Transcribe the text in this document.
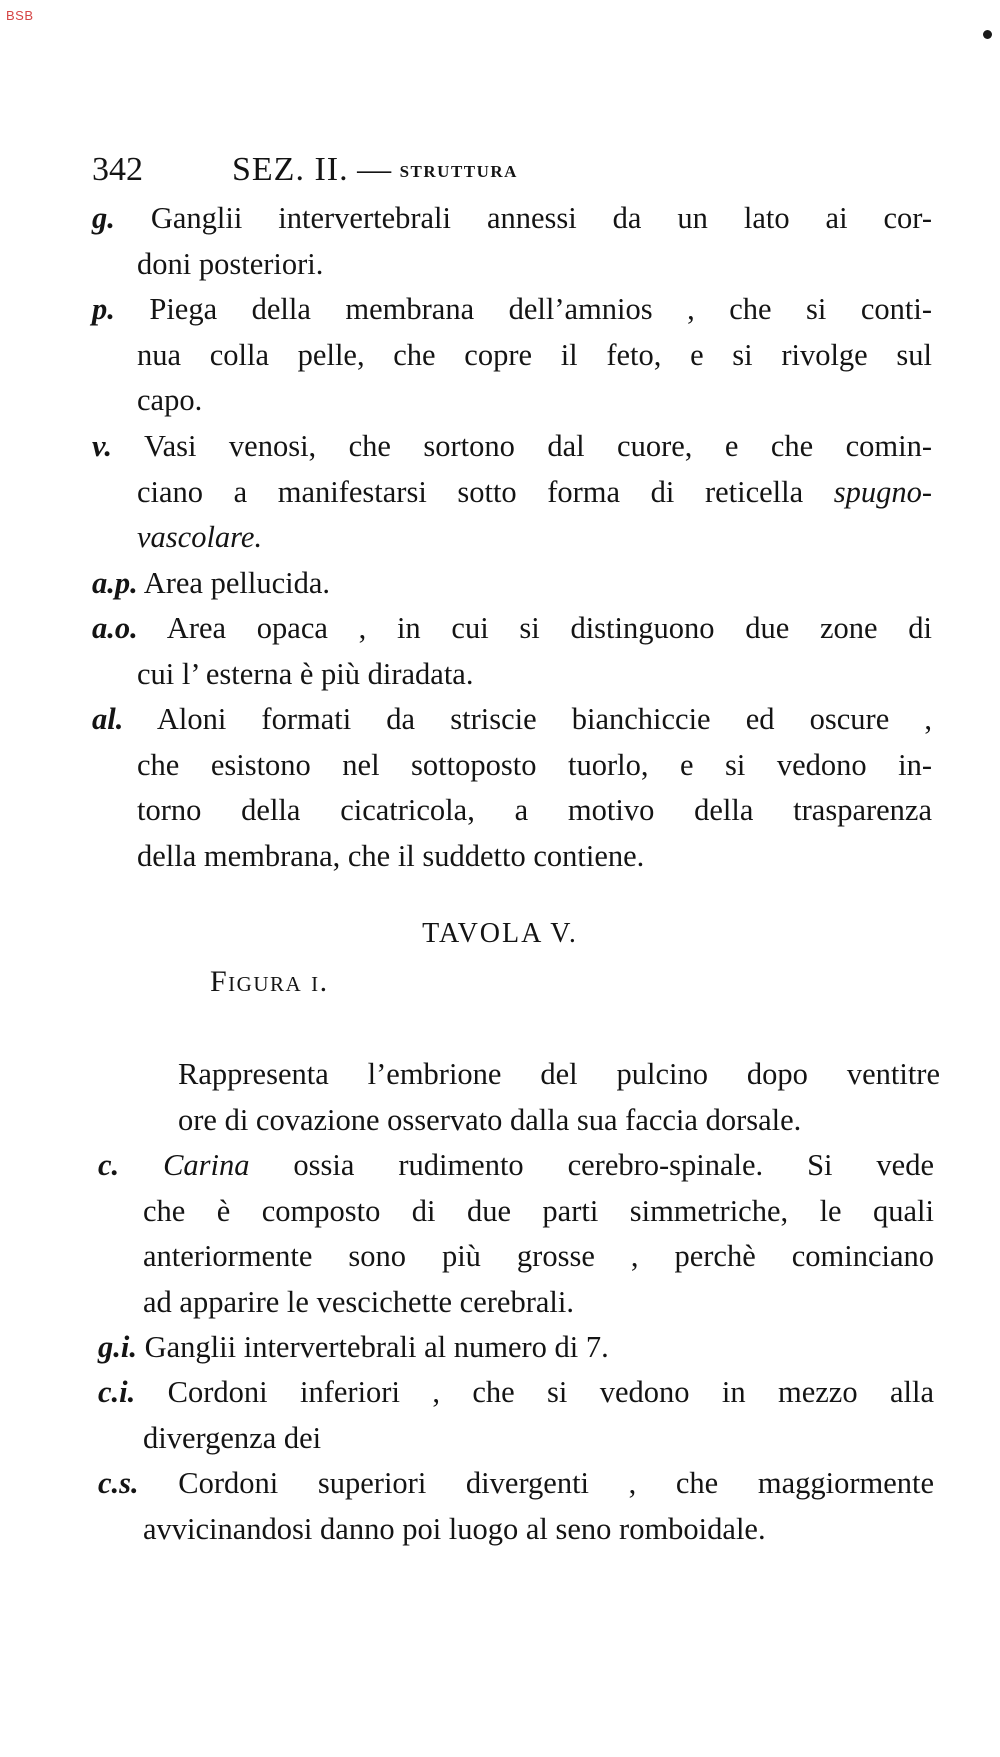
BSB
342	SEZ. II. — STRUTTURA
g. Ganglii intervertebrali annessi da un lato ai cor-
doni posteriori.
p. Piega della membrana dell’amnios , che si conti-
nua colla pelle, che copre il feto, e si rivolge sul
capo.
v. Vasi venosi, che sortono dal cuore, e che comin-
ciano a manifestarsi sotto forma di reticella spugno-
vascolare.
a.p. Area pellucida.
a.o. Area opaca , in cui si distinguono due zone di
cui l’ esterna è più diradata.
al. Aloni formati da striscie bianchiccie ed oscure ,
che esistono nel sottoposto tuorlo, e si vedono in-
torno della cicatricola, a motivo della trasparenza
della membrana, che il suddetto contiene.
TAVOLA V.
Figura i.
Rappresenta l’embrione del pulcino dopo ventitre
ore di covazione osservato dalla sua faccia dorsale.
c. Carina ossia rudimento cerebro-spinale. Si vede
che è composto di due parti simmetriche, le quali
anteriormente sono più grosse , perchè cominciano
ad apparire le vescichette cerebrali.
g.i. Ganglii intervertebrali al numero di 7.
c.i. Cordoni inferiori , che si vedono in mezzo alla
divergenza dei
c.s. Cordoni superiori divergenti , che maggiormente
avvicinandosi danno poi luogo al seno romboidale.
